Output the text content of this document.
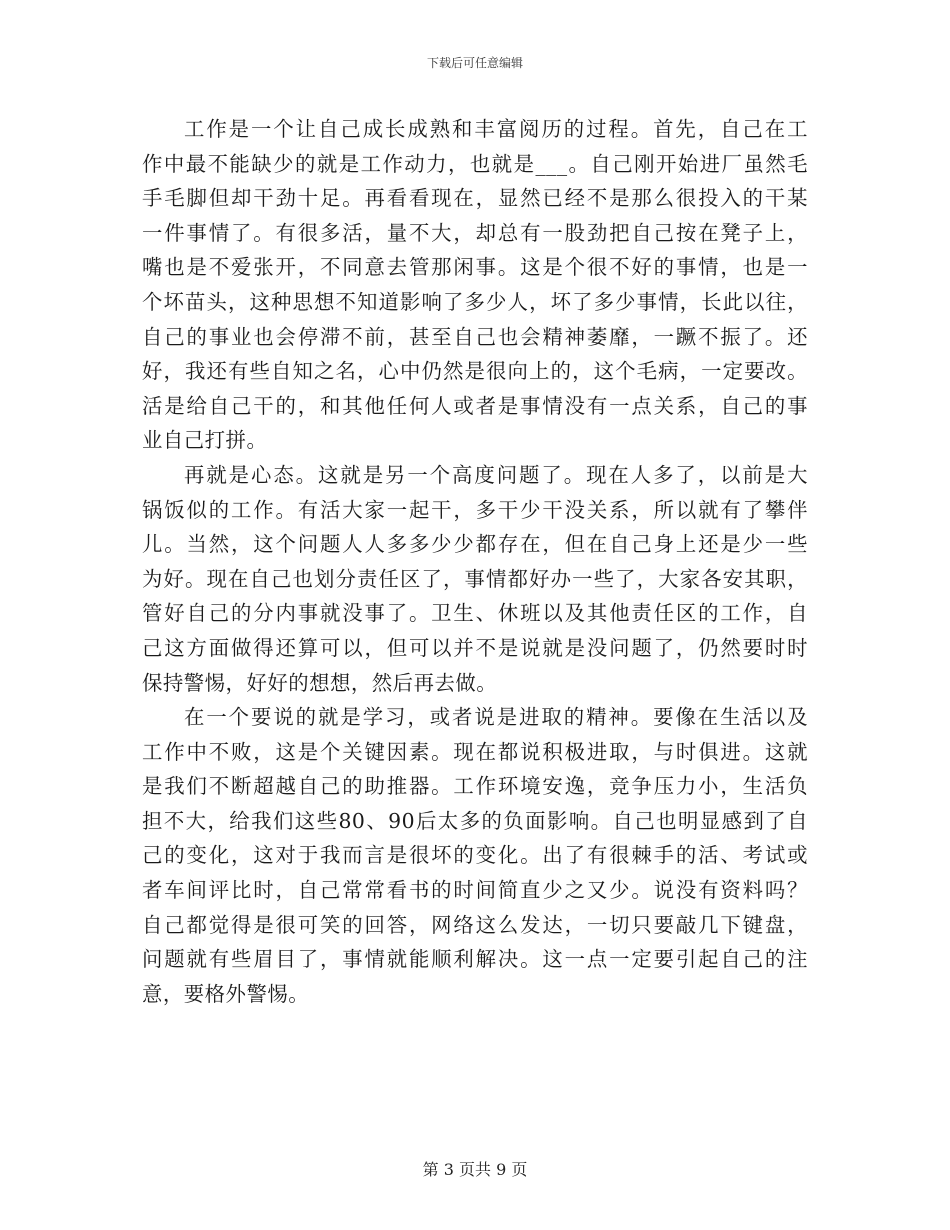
下载后可任意编辑
工作是一个让自己成长成熟和丰富阅历的过程。首先，自己在工
作中最不能缺少的就是工作动力，也就是___。自己刚开始进厂虽然毛
手毛脚但却干劲十足。再看看现在，显然已经不是那么很投入的干某
一件事情了。有很多活，量不大，却总有一股劲把自己按在凳子上，
嘴也是不爱张开，不同意去管那闲事。这是个很不好的事情，也是一
个坏苗头，这种思想不知道影响了多少人，坏了多少事情，长此以往，
自己的事业也会停滞不前，甚至自己也会精神萎靡，一蹶不振了。还
好，我还有些自知之名，心中仍然是很向上的，这个毛病，一定要改。
活是给自己干的，和其他任何人或者是事情没有一点关系，自己的事
业自己打拼。
再就是心态。这就是另一个高度问题了。现在人多了，以前是大
锅饭似的工作。有活大家一起干，多干少干没关系，所以就有了攀伴
儿。当然，这个问题人人多多少少都存在，但在自己身上还是少一些
为好。现在自己也划分责任区了，事情都好办一些了，大家各安其职，
管好自己的分内事就没事了。卫生、休班以及其他责任区的工作，自
己这方面做得还算可以，但可以并不是说就是没问题了，仍然要时时
保持警惕，好好的想想，然后再去做。
在一个要说的就是学习，或者说是进取的精神。要像在生活以及
工作中不败，这是个关键因素。现在都说积极进取，与时俱进。这就
是我们不断超越自己的助推器。工作环境安逸，竞争压力小，生活负
担不大，给我们这些80、90后太多的负面影响。自己也明显感到了自
己的变化，这对于我而言是很坏的变化。出了有很棘手的活、考试或
者车间评比时，自己常常看书的时间简直少之又少。说没有资料吗？
自己都觉得是很可笑的回答，网络这么发达，一切只要敲几下键盘，
问题就有些眉目了，事情就能顺利解决。这一点一定要引起自己的注
意，要格外警惕。
第 3 页共 9 页
